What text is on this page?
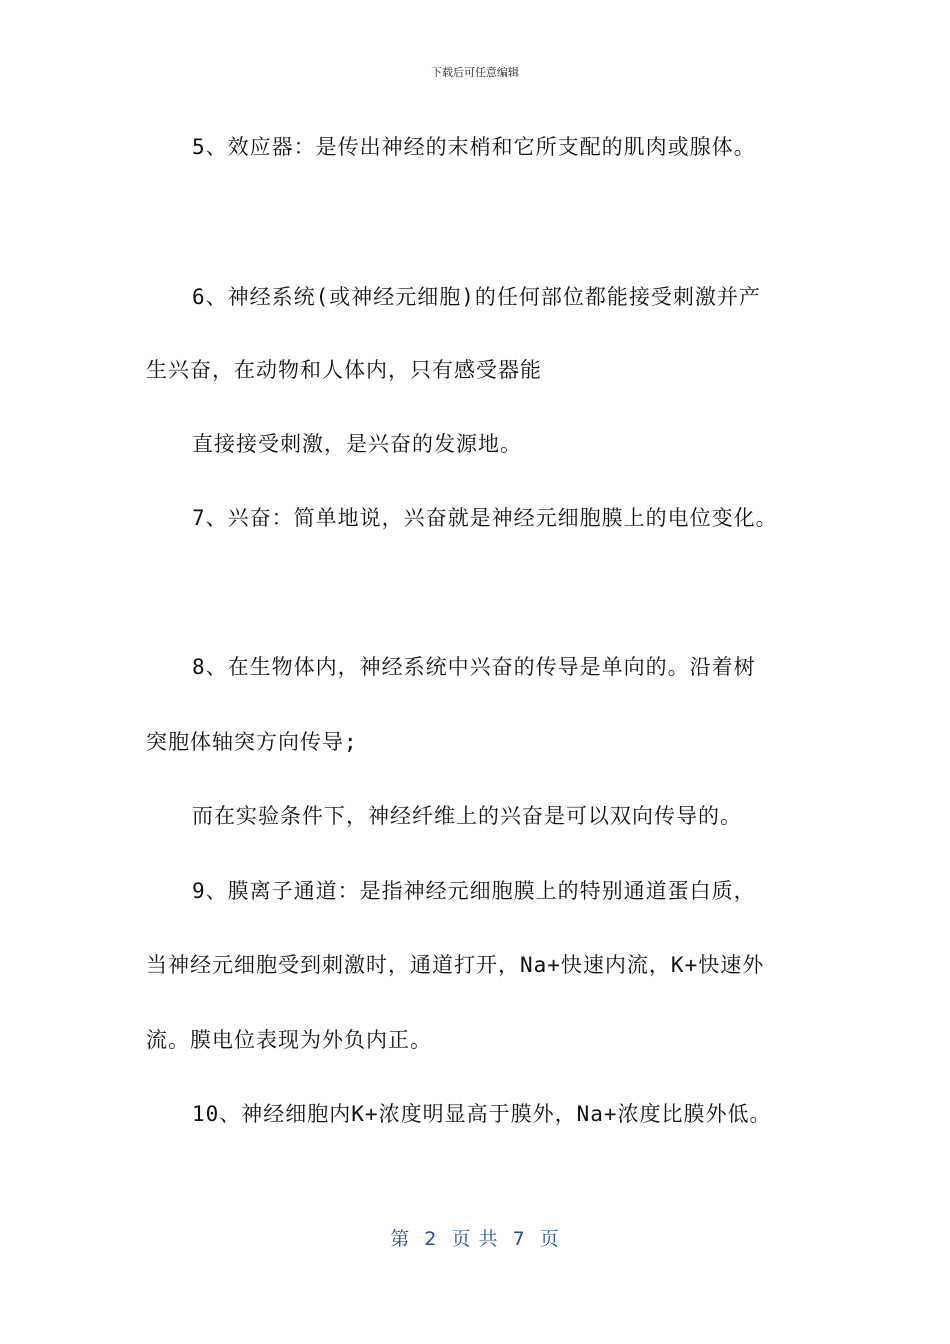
下载后可任意编辑
5、效应器：是传出神经的末梢和它所支配的肌肉或腺体。
6、神经系统(或神经元细胞)的任何部位都能接受刺激并产
生兴奋，在动物和人体内，只有感受器能
直接接受刺激，是兴奋的发源地。
7、兴奋：简单地说，兴奋就是神经元细胞膜上的电位变化。
8、在生物体内，神经系统中兴奋的传导是单向的。沿着树
突胞体轴突方向传导;
而在实验条件下，神经纤维上的兴奋是可以双向传导的。
9、膜离子通道：是指神经元细胞膜上的特别通道蛋白质，
当神经元细胞受到刺激时，通道打开，Na+快速内流，K+快速外
流。膜电位表现为外负内正。
10、神经细胞内K+浓度明显高于膜外，Na+浓度比膜外低。
第  2  页 共  7  页
